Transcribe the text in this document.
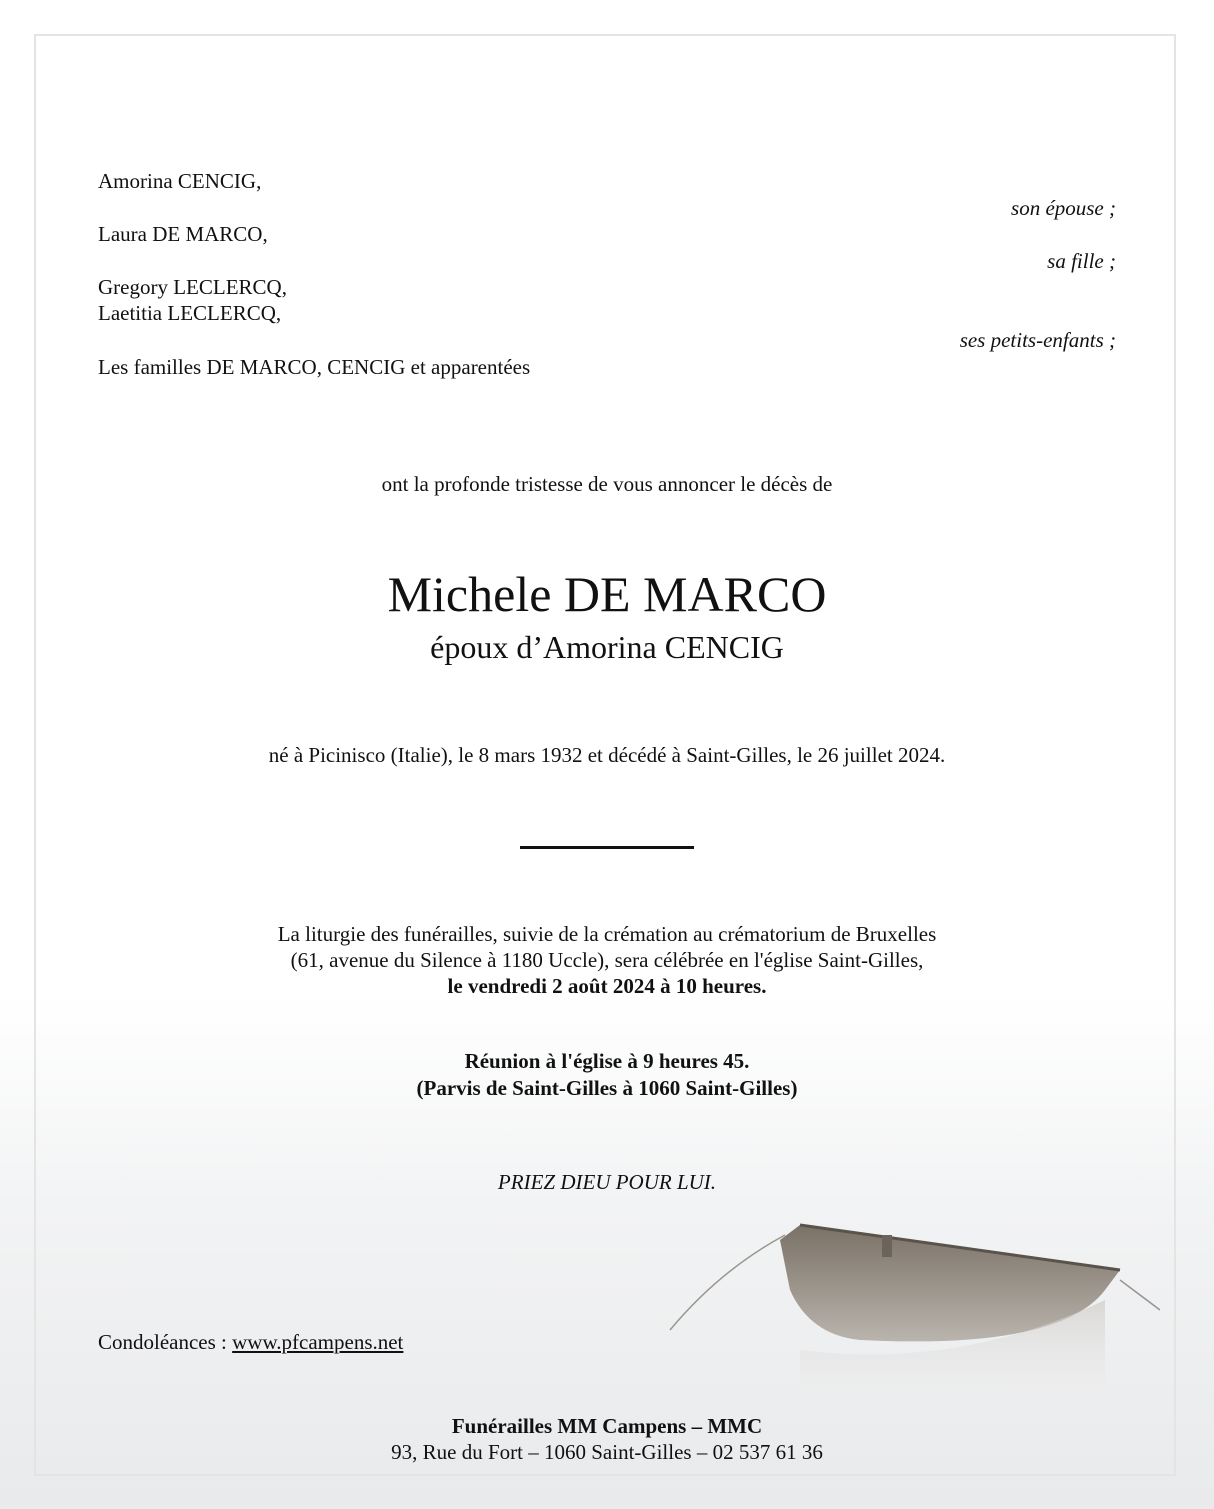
Amorina CENCIG,
son épouse ;
Laura DE MARCO,
sa fille ;
Gregory LECLERCQ,
Laetitia LECLERCQ,
ses petits-enfants ;
Les familles DE MARCO, CENCIG et apparentées
ont la profonde tristesse de vous annoncer le décès de
Michele DE MARCO
époux d’Amorina CENCIG
né à Picinisco (Italie), le 8 mars 1932 et décédé à Saint-Gilles, le 26 juillet 2024.
La liturgie des funérailles, suivie de la crémation au crématorium de Bruxelles
(61, avenue du Silence à 1180 Uccle), sera célébrée en l'église Saint-Gilles,
le vendredi 2 août 2024 à 10 heures.
Réunion à l'église à 9 heures 45.
(Parvis de Saint-Gilles à 1060 Saint-Gilles)
PRIEZ DIEU POUR LUI.
Condoléances : www.pfcampens.net
Funérailles MM Campens – MMC
93, Rue du Fort – 1060 Saint-Gilles – 02 537 61 36
